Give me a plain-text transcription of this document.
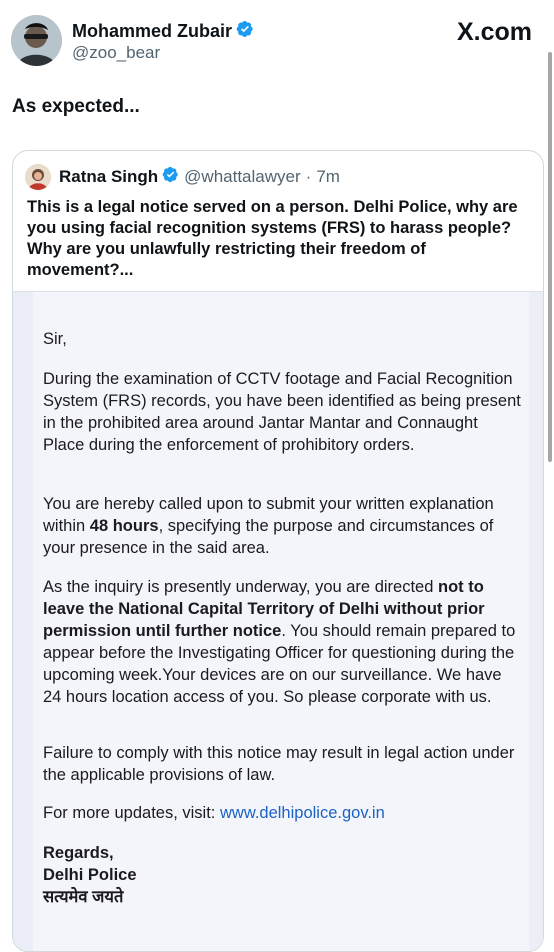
Mohammed Zubair
@zoo_bear
X.com
As expected...
Ratna Singh @whattalawyer · 7m
This is a legal notice served on a person. Delhi Police, why are you using facial recognition systems (FRS) to harass people? Why are you unlawfully restricting their freedom of movement?...
Sir,
During the examination of CCTV footage and Facial Recognition System (FRS) records, you have been identified as being present in the prohibited area around Jantar Mantar and Connaught Place during the enforcement of prohibitory orders.
You are hereby called upon to submit your written explanation within 48 hours, specifying the purpose and circumstances of your presence in the said area.
As the inquiry is presently underway, you are directed not to leave the National Capital Territory of Delhi without prior permission until further notice. You should remain prepared to appear before the Investigating Officer for questioning during the upcoming week.Your devices are on our surveillance. We have 24 hours location access of you. So please corporate with us.
Failure to comply with this notice may result in legal action under the applicable provisions of law.
For more updates, visit: www.delhipolice.gov.in
Regards,
Delhi Police
सत्यमेव जयते
